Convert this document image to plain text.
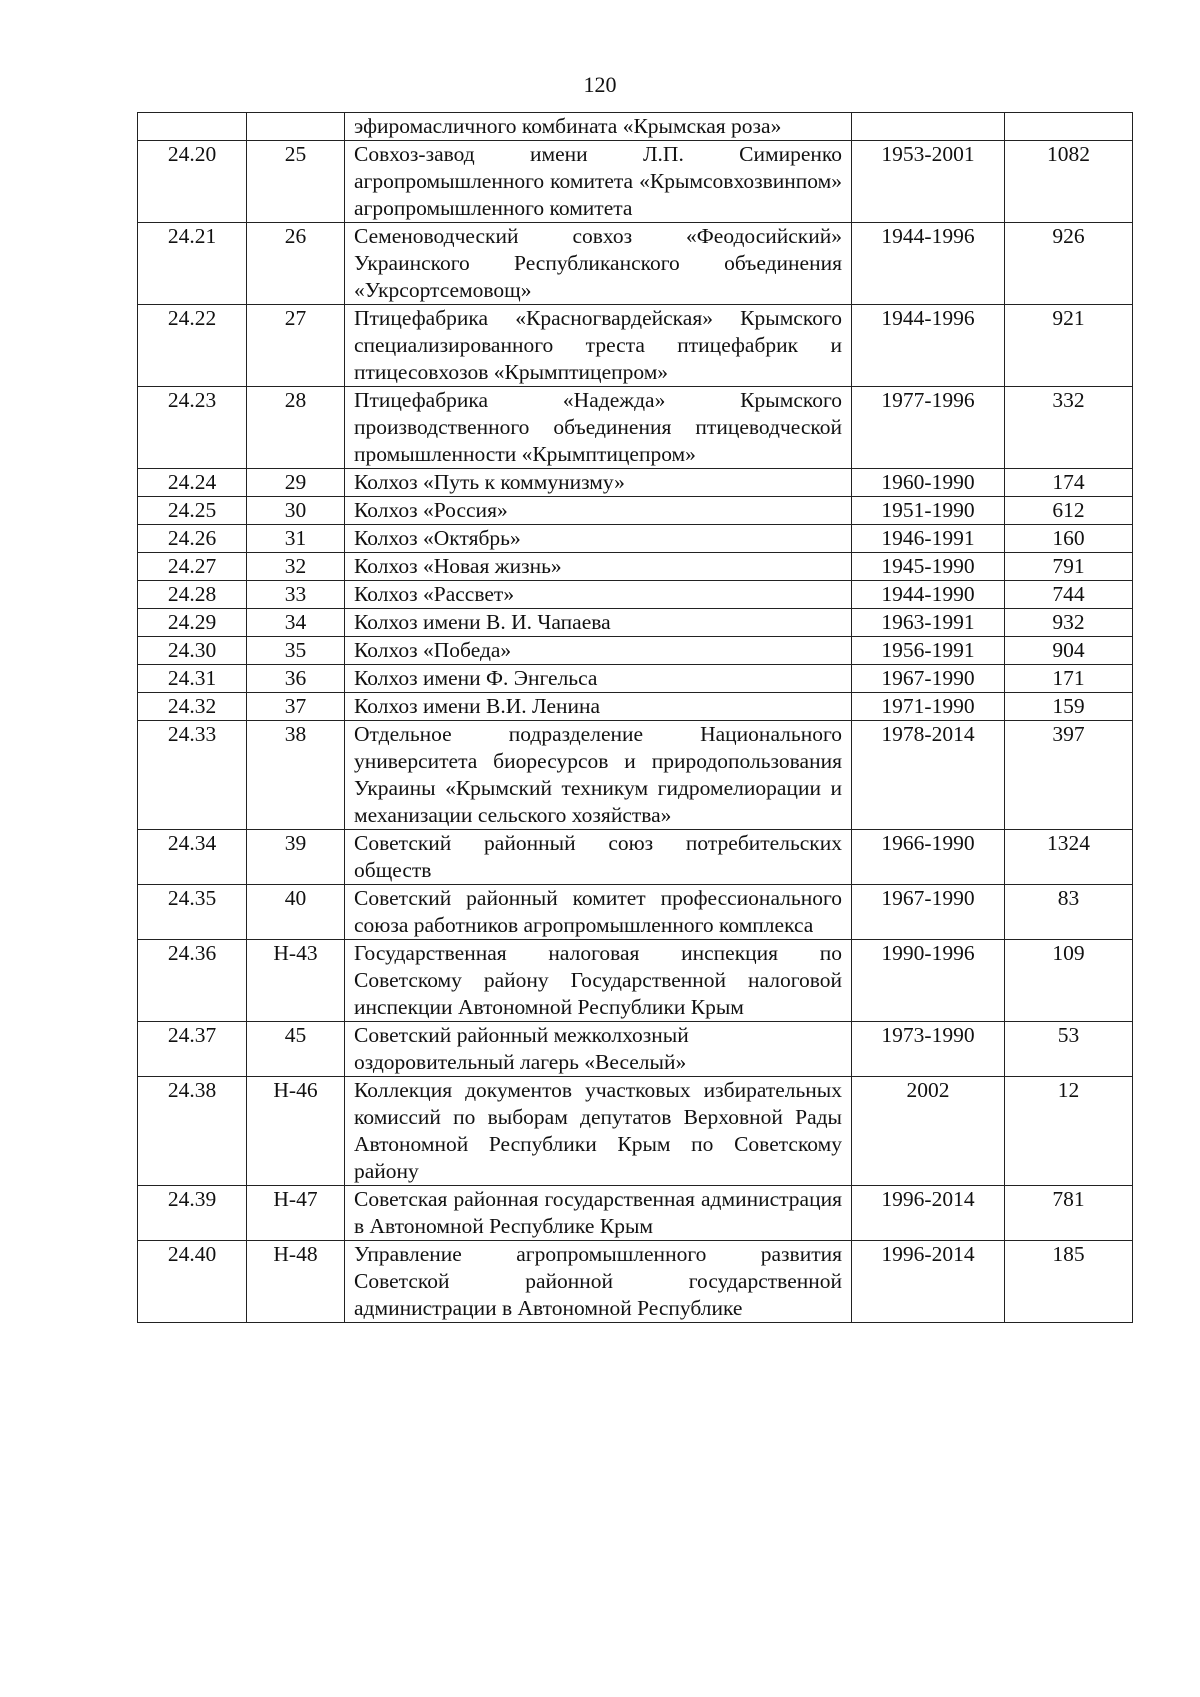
120
		эфиромасличного комбината «Крымская роза»		
24.20	25	Совхоз-завод имени Л.П. Симиренко агропромышленного комитета «Крымсовхозвинпом» агропромышленного комитета	1953-2001	1082
24.21	26	Семеноводческий совхоз «Феодосийский» Украинского Республиканского объединения «Укрсортсемовощ»	1944-1996	926
24.22	27	Птицефабрика «Красногвардейская» Крымского специализированного треста птицефабрик и птицесовхозов «Крымптицепром»	1944-1996	921
24.23	28	Птицефабрика «Надежда» Крымского производственного объединения птицеводческой промышленности «Крымптицепром»	1977-1996	332
24.24	29	Колхоз «Путь к коммунизму»	1960-1990	174
24.25	30	Колхоз «Россия»	1951-1990	612
24.26	31	Колхоз «Октябрь»	1946-1991	160
24.27	32	Колхоз «Новая жизнь»	1945-1990	791
24.28	33	Колхоз «Рассвет»	1944-1990	744
24.29	34	Колхоз имени В. И. Чапаева	1963-1991	932
24.30	35	Колхоз «Победа»	1956-1991	904
24.31	36	Колхоз имени Ф. Энгельса	1967-1990	171
24.32	37	Колхоз имени В.И. Ленина	1971-1990	159
24.33	38	Отдельное подразделение Национального университета биоресурсов и природопользования Украины «Крымский техникум гидромелиорации и механизации сельского хозяйства»	1978-2014	397
24.34	39	Советский районный союз потребительских обществ	1966-1990	1324
24.35	40	Советский районный комитет профессионального союза работников агропромышленного комплекса	1967-1990	83
24.36	Н-43	Государственная налоговая инспекция по Советскому району Государственной налоговой инспекции Автономной Республики Крым	1990-1996	109
24.37	45	Советский районный межколхозный оздоровительный лагерь «Веселый»	1973-1990	53
24.38	Н-46	Коллекция документов участковых избирательных комиссий по выборам депутатов Верховной Рады Автономной Республики Крым по Советскому району	2002	12
24.39	Н-47	Советская районная государственная администрация в Автономной Республике Крым	1996-2014	781
24.40	Н-48	Управление агропромышленного развития Советской районной государственной администрации в Автономной Республике	1996-2014	185
